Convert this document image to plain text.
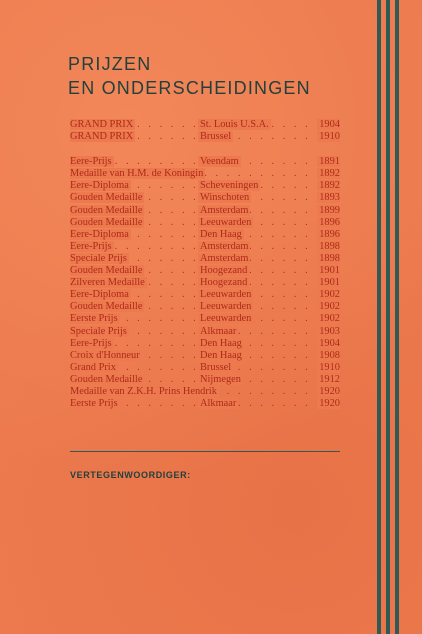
PRIJZEN
EN ONDERSCHEIDINGEN
. . . . . . . . . .
GRAND PRIX	St. Louis U.S.A.	1904
. . . . . . . . . . . . .
GRAND PRIX	Brussel	1910
. . . . . . . . . . . . . . .
Eere-Prijs	Veendam	1891
. . . . . . . . . .
Medaille van H.M. de Koningin	1892
. . . . . . . . . . .
Eere-Diploma	Scheveningen	1892
. . . . . . . . . . .
Gouden Medaille	Winschoten	1893
. . . . . . . . . . .
Gouden Medaille	Amsterdam	1899
. . . . . . . . . .
Gouden Medaille	Leeuwarden	1896
. . . . . . . . . . . .
Eere-Diploma	Den Haag	1896
. . . . . . . . . . . . . .
Eere-Prijs	Amsterdam	1898
. . . . . . . . . . . .
Speciale Prijs	Amsterdam	1898
. . . . . . . . . . .
Gouden Medaille	Hoogezand	1901
. . . . . . . . . . .
Zilveren Medaille	Hoogezand	1901
. . . . . . . . . . .
Eere-Diploma	Leeuwarden	1902
. . . . . . . . . .
Gouden Medaille	Leeuwarden	1902
. . . . . . . . . . . .
Eerste Prijs	Leeuwarden	1902
. . . . . . . . . . . . .
Speciale Prijs	Alkmaar	1903
. . . . . . . . . . . . . .
Eere-Prijs	Den Haag	1904
. . . . . . . . . . .
Croix d'Honneur	Den Haag	1908
. . . . . . . . . . . . . .
Grand Prix	Brussel	1910
. . . . . . . . . . .
Gouden Medaille	Nijmegen	1912
. . . . . . . .
Medaille van Z.K.H. Prins Hendrik	1920
. . . . . . . . . . . . . .
Eerste Prijs	Alkmaar	1920
VERTEGENWOORDIGER:
